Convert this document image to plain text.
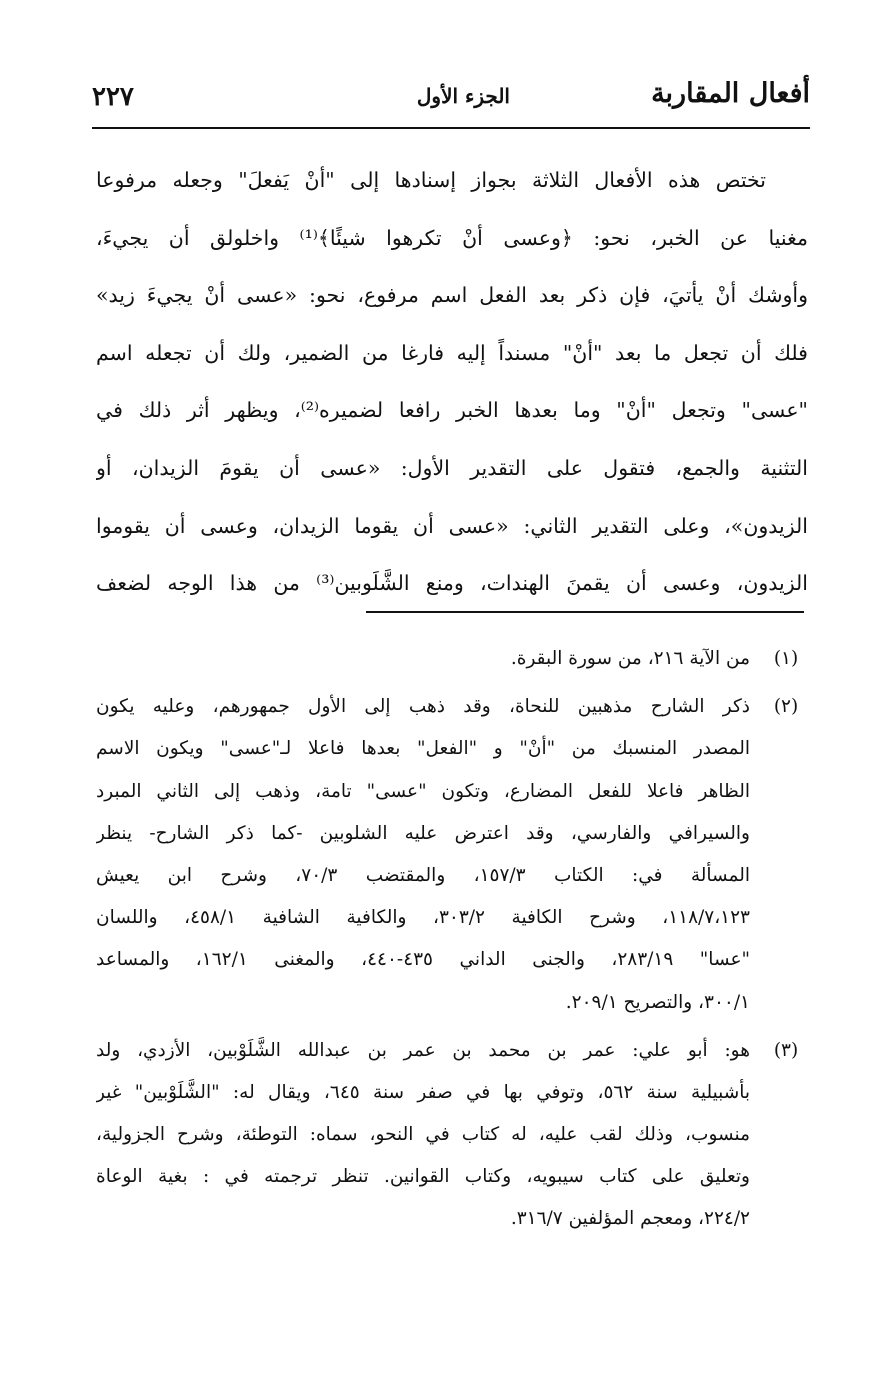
أفعال المقاربة
الجزء الأول
٢٢٧
تختص هذه الأفعال الثلاثة بجواز إسنادها إلى "أنْ يَفعلَ" وجعله مرفوعا
مغنيا عن الخبر، نحو: ﴿وعسى أنْ تكرهوا شيئًا﴾⁽¹⁾ واخلولق أن يجيءَ،
وأوشك أنْ يأتيَ، فإن ذكر بعد الفعل اسم مرفوع، نحو: «عسى أنْ يجيءَ زيد»
فلك أن تجعل ما بعد "أنْ" مسنداً إليه فارغا من الضمير، ولك أن تجعله اسم
"عسى" وتجعل "أنْ" وما بعدها الخبر رافعا لضميره⁽²⁾، ويظهر أثر ذلك في
التثنية والجمع، فتقول على التقدير الأول: «عسى أن يقومَ الزيدان، أو
الزيدون»، وعلى التقدير الثاني: «عسى أن يقوما الزيدان، وعسى أن يقوموا
الزيدون، وعسى أن يقمنَ الهندات، ومنع الشَّلَوبين⁽³⁾ من هذا الوجه لضعف
(١)
من الآية ٢١٦، من سورة البقرة.
(٢)
ذكر الشارح مذهبين للنحاة، وقد ذهب إلى الأول جمهورهم، وعليه يكون
المصدر المنسبك من "أنْ" و "الفعل" بعدها فاعلا لـ"عسى" ويكون الاسم
الظاهر فاعلا للفعل المضارع، وتكون "عسى" تامة، وذهب إلى الثاني المبرد
والسيرافي والفارسي، وقد اعترض عليه الشلوبين -كما ذكر الشارح- ينظر
المسألة في: الكتاب ١٥٧/٣، والمقتضب ٧٠/٣، وشرح ابن يعيش
١١٨/٧،١٢٣، وشرح الكافية ٣٠٣/٢، والكافية الشافية ٤٥٨/١، واللسان
"عسا" ٢٨٣/١٩، والجنى الداني ٤٣٥-٤٤٠، والمغنى ١٦٢/١، والمساعد
٣٠٠/١، والتصريح ٢٠٩/١.
(٣)
هو: أبو علي: عمر بن محمد بن عمر بن عبدالله الشَّلَوْبين، الأزدي، ولد
بأشبيلية سنة ٥٦٢، وتوفي بها في صفر سنة ٦٤٥، ويقال له: "الشَّلَوْبين" غير
منسوب، وذلك لقب عليه، له كتاب في النحو، سماه: التوطئة، وشرح الجزولية،
وتعليق على كتاب سيبويه، وكتاب القوانين. تنظر ترجمته في : بغية الوعاة
٢٢٤/٢، ومعجم المؤلفين ٣١٦/٧.
